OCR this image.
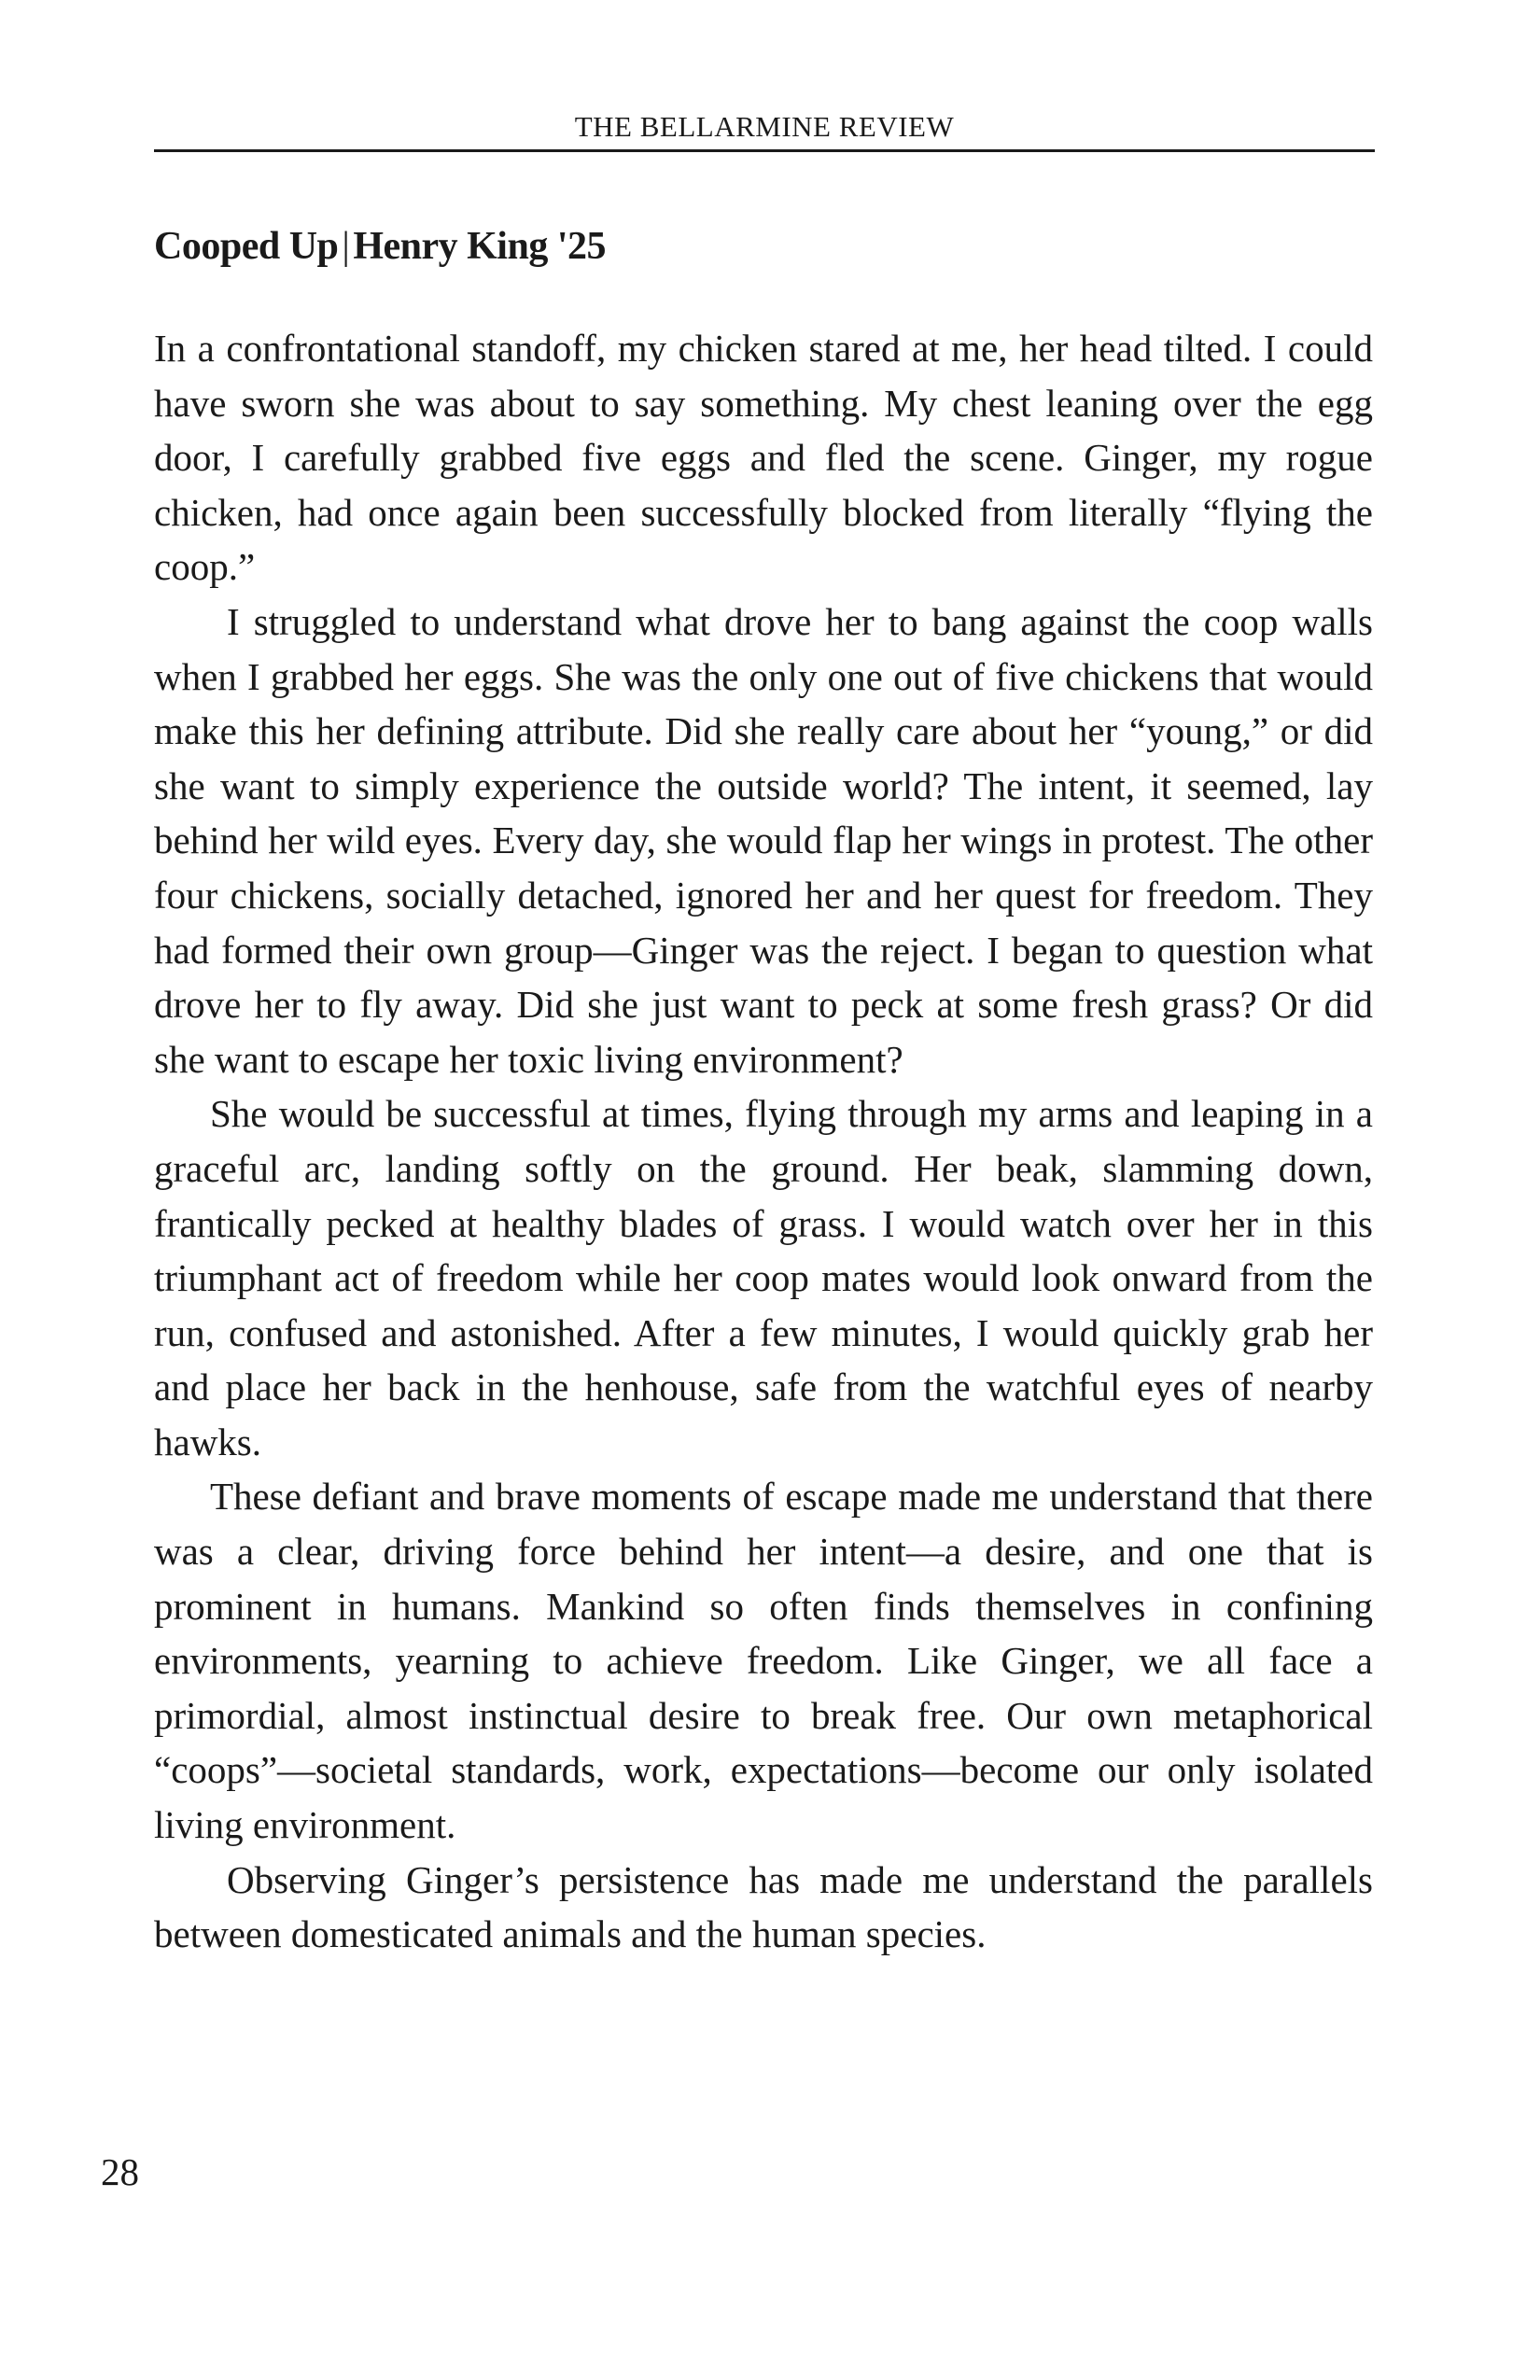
THE BELLARMINE REVIEW
Cooped Up|Henry King '25

In a confrontational standoff, my chicken stared at me, her head tilted. I could have sworn she was about to say something. My chest leaning over the egg door, I carefully grabbed five eggs and fled the scene. Ginger, my rogue chicken, had once again been successfully blocked from literally “flying the coop.”

I struggled to understand what drove her to bang against the coop walls when I grabbed her eggs. She was the only one out of five chickens that would make this her defining attribute. Did she really care about her “young,” or did she want to simply experience the outside world? The intent, it seemed, lay behind her wild eyes. Every day, she would flap her wings in protest. The other four chickens, socially detached, ignored her and her quest for freedom. They had formed their own group—Ginger was the reject. I began to question what drove her to fly away. Did she just want to peck at some fresh grass? Or did she want to escape her toxic living environment?

She would be successful at times, flying through my arms and leaping in a graceful arc, landing softly on the ground. Her beak, slamming down, frantically pecked at healthy blades of grass. I would watch over her in this triumphant act of freedom while her coop mates would look onward from the run, confused and astonished. After a few minutes, I would quickly grab her and place her back in the henhouse, safe from the watchful eyes of nearby hawks.

These defiant and brave moments of escape made me understand that there was a clear, driving force behind her intent—a desire, and one that is prominent in humans. Mankind so often finds themselves in confining environments, yearning to achieve freedom. Like Ginger, we all face a primordial, almost instinctual desire to break free. Our own metaphorical “coops”—societal standards, work, expectations—become our only isolated living environment.

Observing Ginger’s persistence has made me understand the parallels between domesticated animals and the human species.

28
